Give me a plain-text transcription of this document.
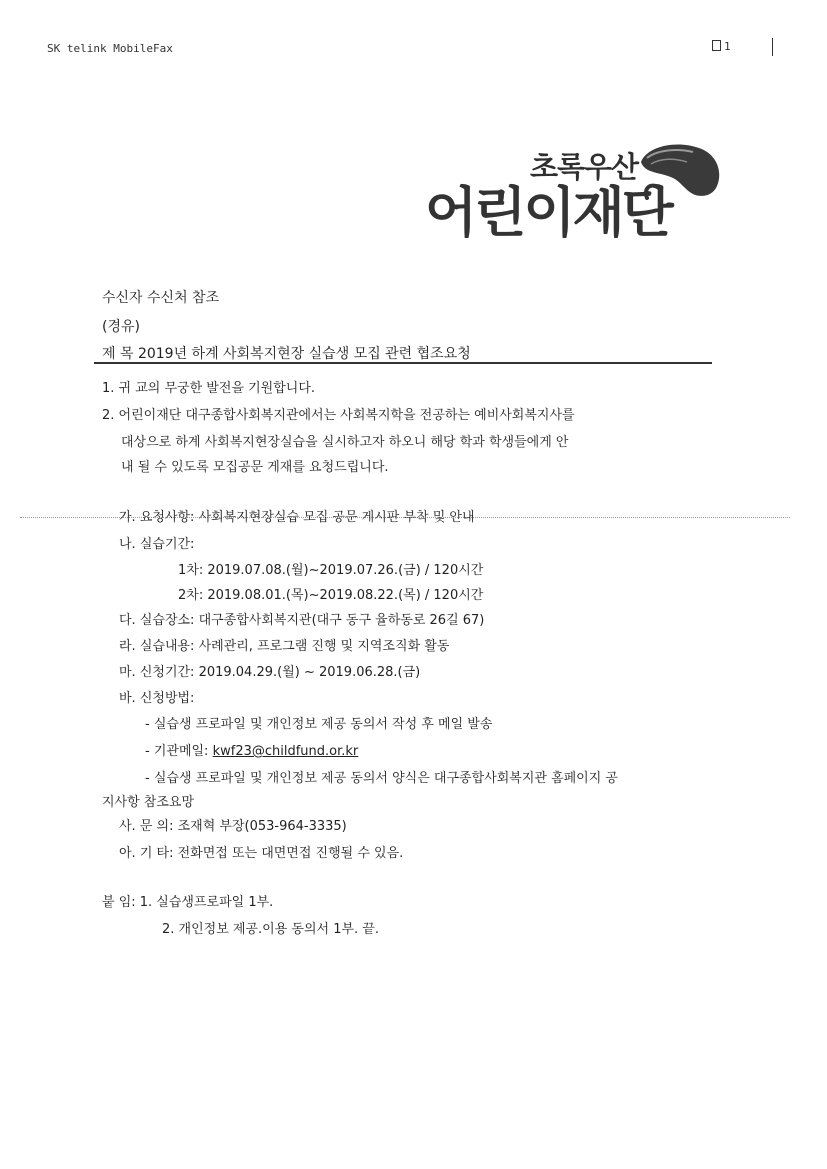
SK telink MobileFax	1
초록우산
어린이재단
수신자 수신처 참조
(경유)
제 목 2019년 하계 사회복지현장 실습생 모집 관련 협조요청
1. 귀 교의 무궁한 발전을 기원합니다.
2. 어린이재단 대구종합사회복지관에서는 사회복지학을 전공하는 예비사회복지사를
대상으로 하계 사회복지현장실습을 실시하고자 하오니 해당 학과 학생들에게 안
내 될 수 있도록 모집공문 게재를 요청드립니다.
가. 요청사항: 사회복지현장실습 모집 공문 게시판 부착 및 안내
나. 실습기간:
1차: 2019.07.08.(월)~2019.07.26.(금) / 120시간
2차: 2019.08.01.(목)~2019.08.22.(목) / 120시간
다. 실습장소: 대구종합사회복지관(대구 동구 율하동로 26길 67)
라. 실습내용: 사례관리, 프로그램 진행 및 지역조직화 활동
마. 신청기간: 2019.04.29.(월) ~ 2019.06.28.(금)
바. 신청방법:
- 실습생 프로파일 및 개인정보 제공 동의서 작성 후 메일 발송
- 기관메일: kwf23@childfund.or.kr
- 실습생 프로파일 및 개인정보 제공 동의서 양식은 대구종합사회복지관 홈페이지 공
지사항 참조요망
사. 문 의: 조재혁 부장(053-964-3335)
아. 기 타: 전화면접 또는 대면면접 진행될 수 있음.
붙 임: 1. 실습생프로파일 1부.
2. 개인정보 제공.이용 동의서 1부. 끝.
